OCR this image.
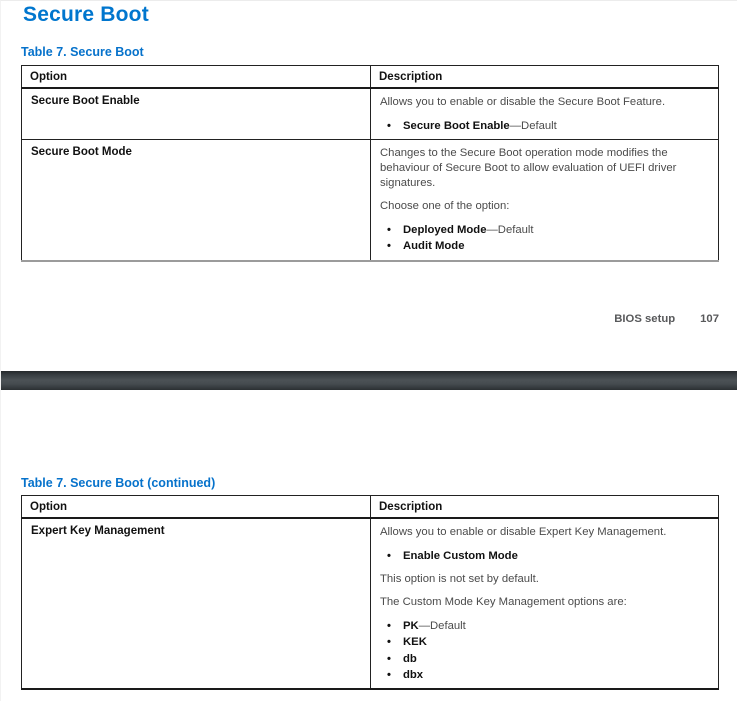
Secure Boot
Table 7. Secure Boot
Option	Description
Secure Boot Enable	Allows you to enable or disable the Secure Boot Feature.

• Secure Boot Enable—Default

Secure Boot Mode	Changes to the Secure Boot operation mode modifies the behaviour of Secure Boot to allow evaluation of UEFI driver signatures.

Choose one of the option:

• Deployed Mode—Default
• Audit Mode
BIOS setup 107
Table 7. Secure Boot (continued)
Option	Description
Expert Key Management	Allows you to enable or disable Expert Key Management.

• Enable Custom Mode

This option is not set by default.

The Custom Mode Key Management options are:

• PK—Default
• KEK
• db
• dbx
